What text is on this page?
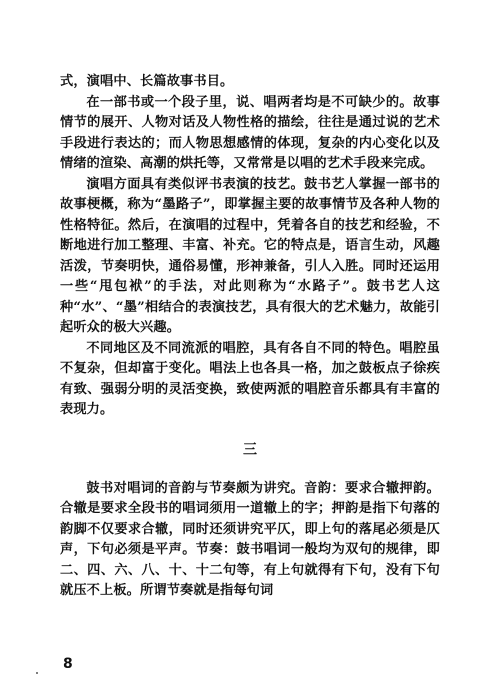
式，演唱中、长篇故事书目。

在一部书或一个段子里，说、唱两者均是不可缺少的。故事情节的展开、人物对话及人物性格的描绘，往往是通过说的艺术手段进行表达的；而人物思想感情的体现，复杂的内心变化以及情绪的渲染、高潮的烘托等，又常常是以唱的艺术手段来完成。

演唱方面具有类似评书表演的技艺。鼓书艺人掌握一部书的故事梗概，称为“墨路子”，即掌握主要的故事情节及各种人物的性格特征。然后，在演唱的过程中，凭着各自的技艺和经验，不断地进行加工整理、丰富、补充。它的特点是，语言生动，风趣活泼，节奏明快，通俗易懂，形神兼备，引人入胜。同时还运用一些“甩包袱”的手法，对此则称为“水路子”。鼓书艺人这种“水”、“墨”相结合的表演技艺，具有很大的艺术魅力，故能引起听众的极大兴趣。

不同地区及不同流派的唱腔，具有各自不同的特色。唱腔虽不复杂，但却富于变化。唱法上也各具一格，加之鼓板点子徐疾有致、强弱分明的灵活变换，致使两派的唱腔音乐都具有丰富的表现力。

三

鼓书对唱词的音韵与节奏颇为讲究。音韵：要求合辙押韵。合辙是要求全段书的唱词须用一道辙上的字；押韵是指下句落的韵脚不仅要求合辙，同时还须讲究平仄，即上句的落尾必须是仄声，下句必须是平声。节奏：鼓书唱词一般均为双句的规律，即二、四、六、八、十、十二句等，有上句就得有下句，没有下句就压不上板。所谓节奏就是指每句词

8
